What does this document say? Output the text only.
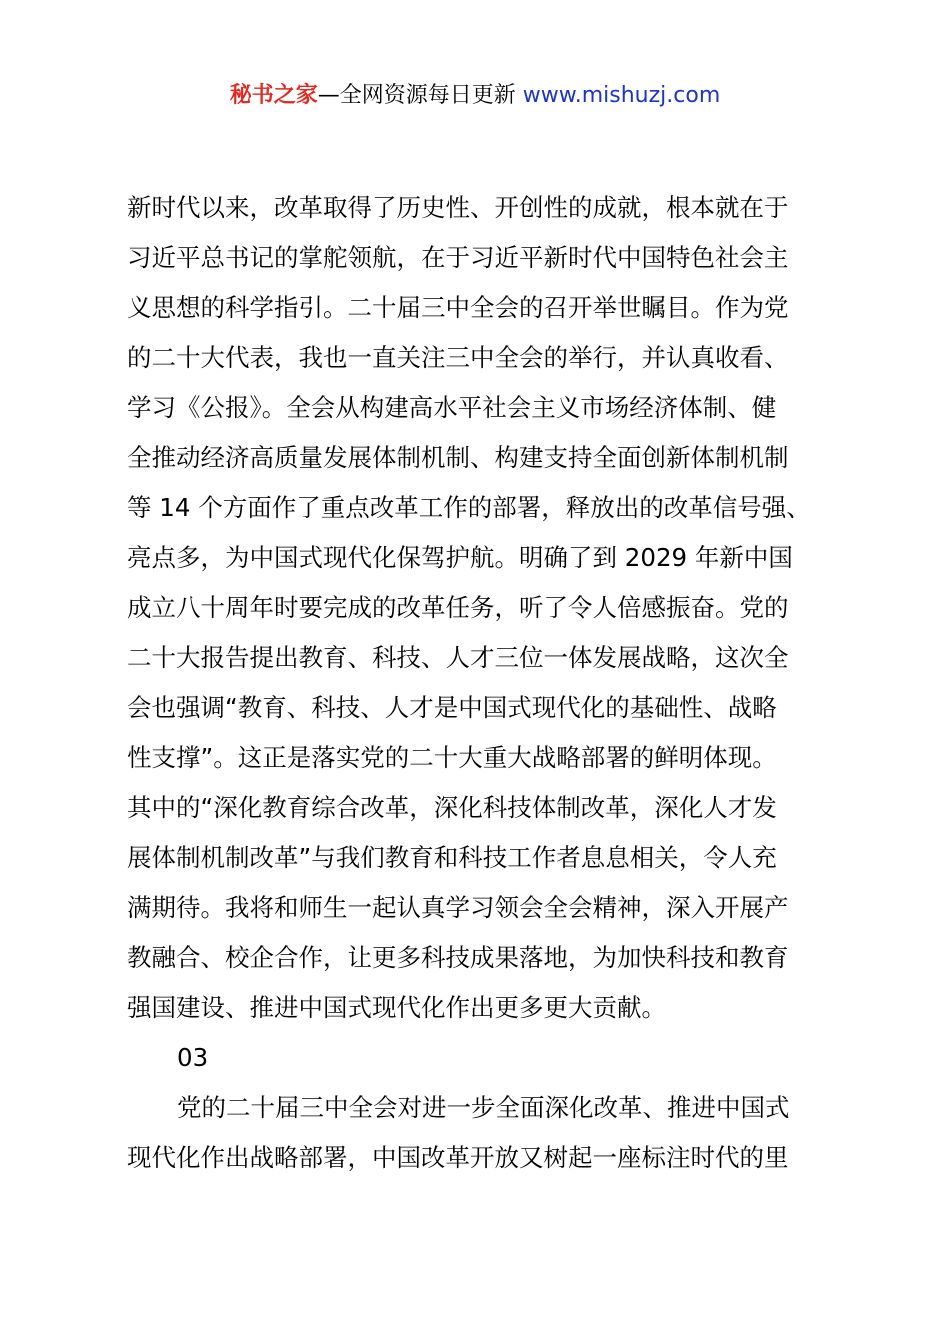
秘书之家—全网资源每日更新 www.mishuzj.com
新时代以来，改革取得了历史性、开创性的成就，根本就在于
习近平总书记的掌舵领航，在于习近平新时代中国特色社会主
义思想的科学指引。二十届三中全会的召开举世瞩目。作为党
的二十大代表，我也一直关注三中全会的举行，并认真收看、
学习《公报》。全会从构建高水平社会主义市场经济体制、健
全推动经济高质量发展体制机制、构建支持全面创新体制机制
等 14 个方面作了重点改革工作的部署，释放出的改革信号强、
亮点多，为中国式现代化保驾护航。明确了到 2029 年新中国
成立八十周年时要完成的改革任务，听了令人倍感振奋。党的
二十大报告提出教育、科技、人才三位一体发展战略，这次全
会也强调“教育、科技、人才是中国式现代化的基础性、战略
性支撑”。这正是落实党的二十大重大战略部署的鲜明体现。
其中的“深化教育综合改革，深化科技体制改革，深化人才发
展体制机制改革”与我们教育和科技工作者息息相关，令人充
满期待。我将和师生一起认真学习领会全会精神，深入开展产
教融合、校企合作，让更多科技成果落地，为加快科技和教育
强国建设、推进中国式现代化作出更多更大贡献。
03
党的二十届三中全会对进一步全面深化改革、推进中国式
现代化作出战略部署，中国改革开放又树起一座标注时代的里
